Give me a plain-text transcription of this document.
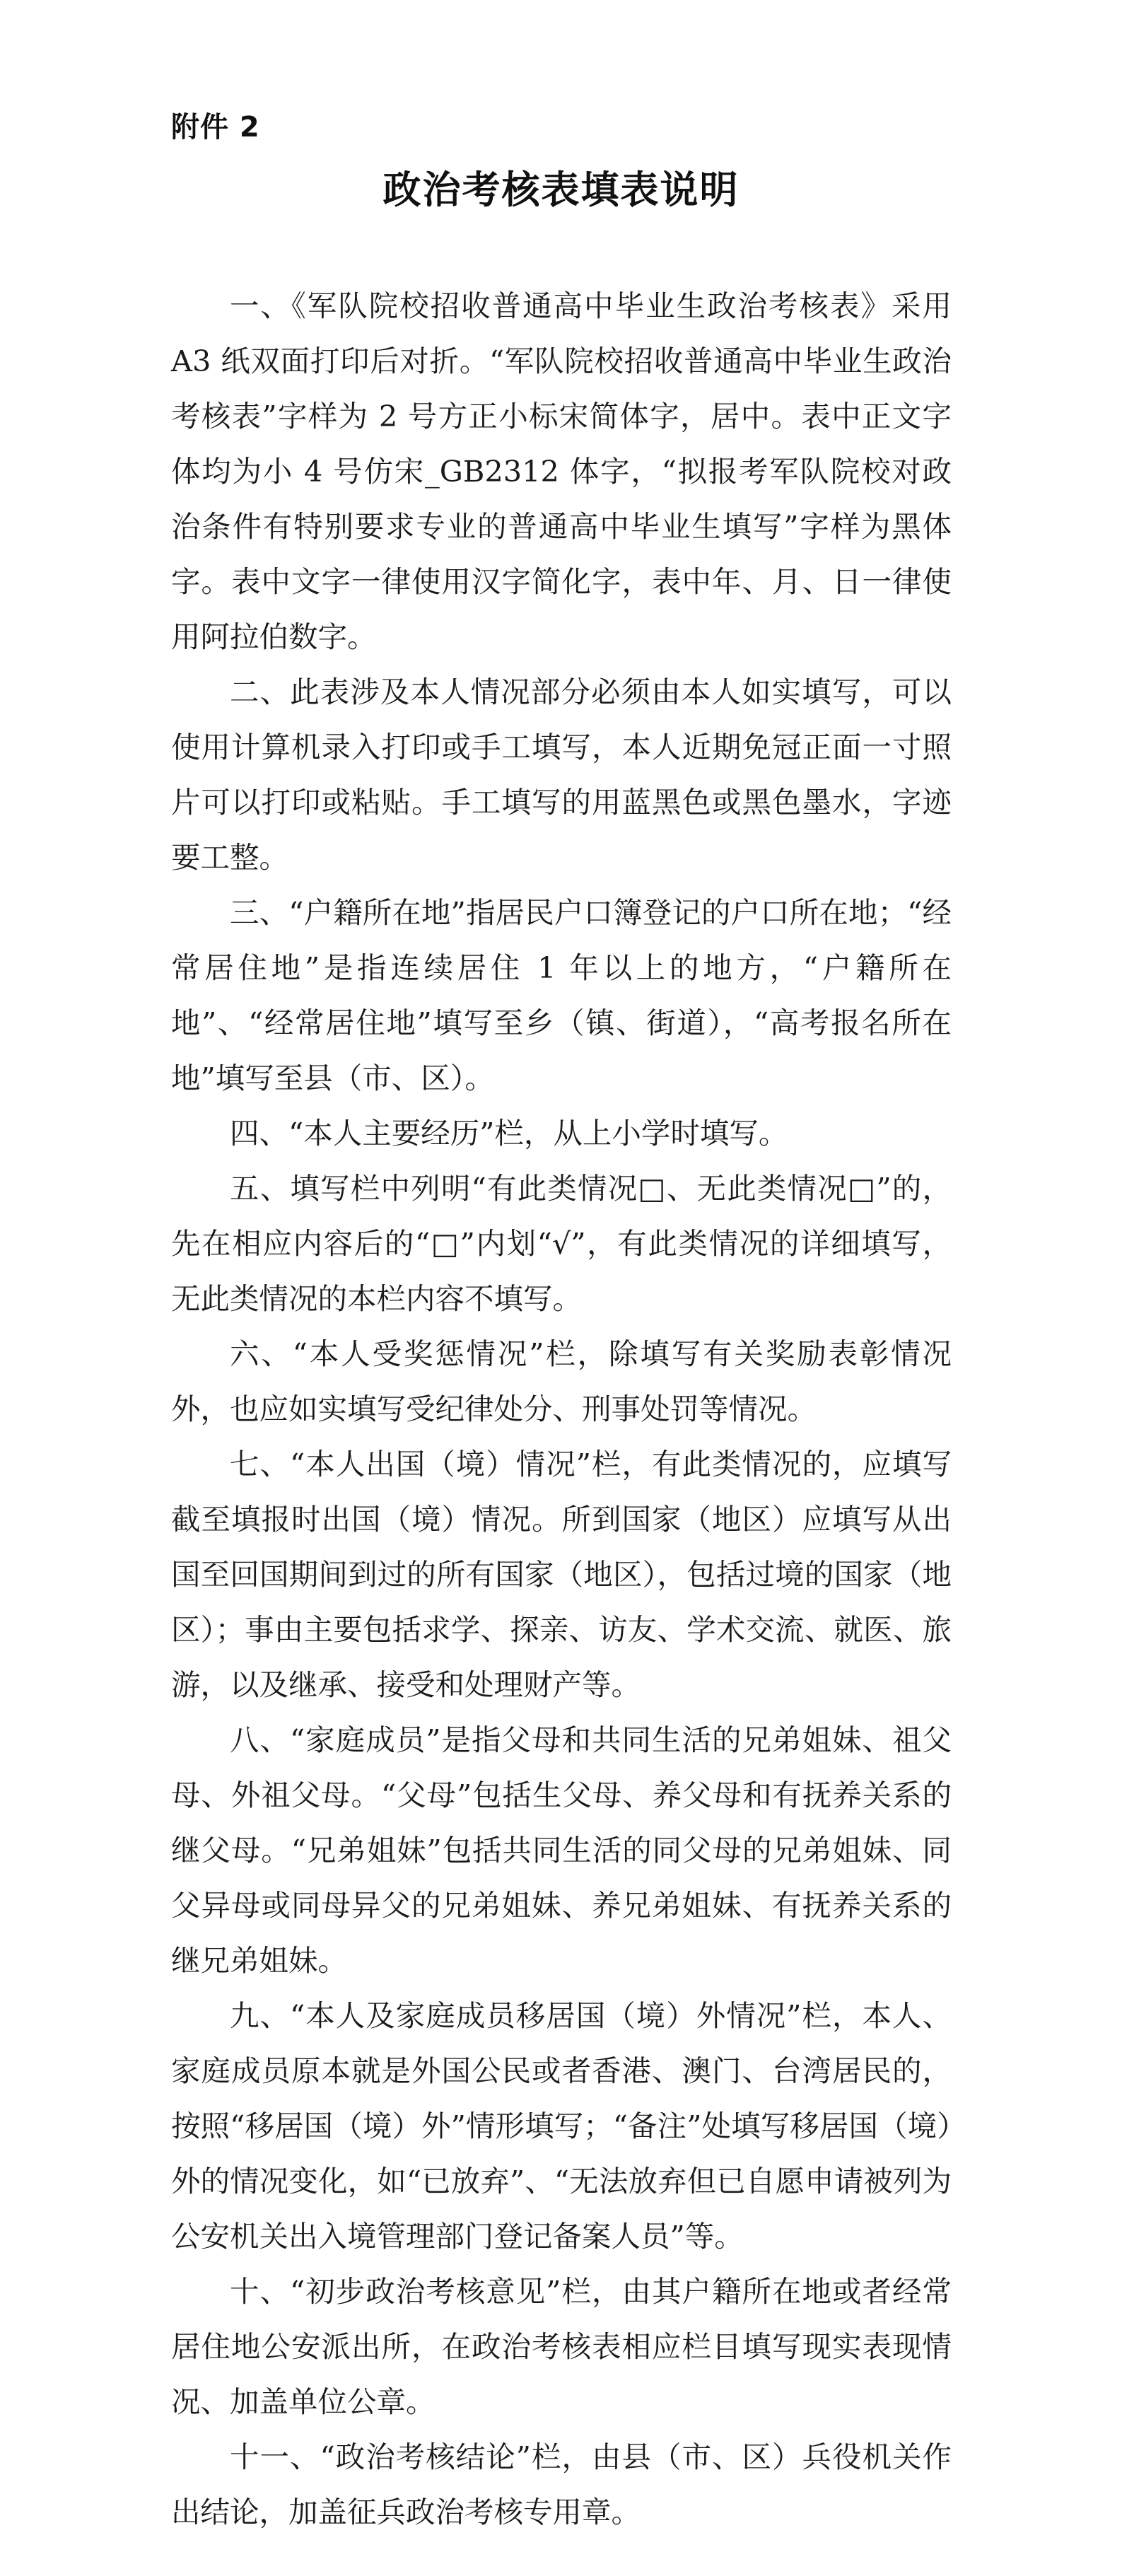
附件 2
政治考核表填表说明

一、《军队院校招收普通高中毕业生政治考核表》采用A3 纸双面打印后对折。“军队院校招收普通高中毕业生政治考核表”字样为 2 号方正小标宋简体字，居中。表中正文字体均为小 4 号仿宋_GB2312 体字，“拟报考军队院校对政治条件有特别要求专业的普通高中毕业生填写”字样为黑体字。表中文字一律使用汉字简化字，表中年、月、日一律使用阿拉伯数字。

二、此表涉及本人情况部分必须由本人如实填写，可以使用计算机录入打印或手工填写，本人近期免冠正面一寸照片可以打印或粘贴。手工填写的用蓝黑色或黑色墨水，字迹要工整。

三、“户籍所在地”指居民户口簿登记的户口所在地；“经常居住地”是指连续居住 1 年以上的地方，“户籍所在地”、“经常居住地”填写至乡（镇、街道），“高考报名所在地”填写至县（市、区）。

四、“本人主要经历”栏，从上小学时填写。

五、填写栏中列明“有此类情况□、无此类情况□”的，先在相应内容后的“□”内划“√”，有此类情况的详细填写，无此类情况的本栏内容不填写。

六、“本人受奖惩情况”栏，除填写有关奖励表彰情况外，也应如实填写受纪律处分、刑事处罚等情况。

七、“本人出国（境）情况”栏，有此类情况的，应填写截至填报时出国（境）情况。所到国家（地区）应填写从出国至回国期间到过的所有国家（地区），包括过境的国家（地区）；事由主要包括求学、探亲、访友、学术交流、就医、旅游，以及继承、接受和处理财产等。

八、“家庭成员”是指父母和共同生活的兄弟姐妹、祖父母、外祖父母。“父母”包括生父母、养父母和有抚养关系的继父母。“兄弟姐妹”包括共同生活的同父母的兄弟姐妹、同父异母或同母异父的兄弟姐妹、养兄弟姐妹、有抚养关系的继兄弟姐妹。

九、“本人及家庭成员移居国（境）外情况”栏，本人、家庭成员原本就是外国公民或者香港、澳门、台湾居民的，按照“移居国（境）外”情形填写；“备注”处填写移居国（境）外的情况变化，如“已放弃”、“无法放弃但已自愿申请被列为公安机关出入境管理部门登记备案人员”等。

十、“初步政治考核意见”栏，由其户籍所在地或者经常居住地公安派出所，在政治考核表相应栏目填写现实表现情况、加盖单位公章。

十一、“政治考核结论”栏，由县（市、区）兵役机关作出结论，加盖征兵政治考核专用章。
